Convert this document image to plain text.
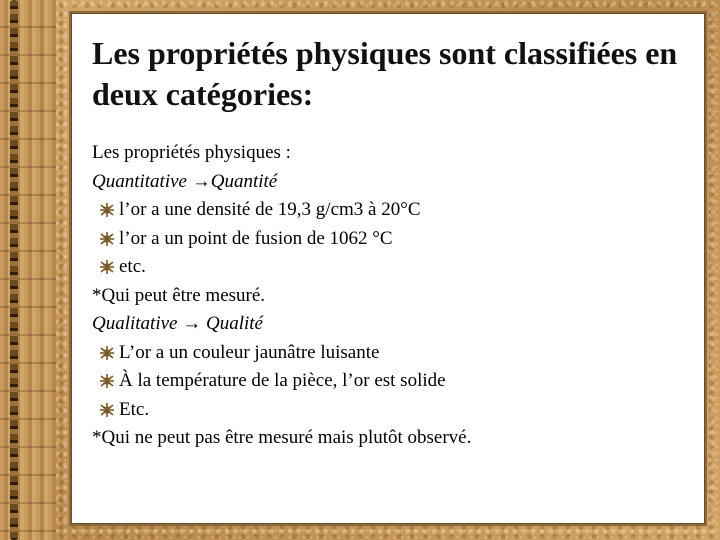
Les propriétés physiques sont classifiées en deux catégories:
Les propriétés physiques :
Quantitative →Quantité
l’or a une densité de 19,3 g/cm3 à 20°C
l’or a un point de fusion de 1062 °C
etc.
*Qui peut être mesuré.
Qualitative → Qualité
L’or a un couleur jaunâtre luisante
À la température de la pièce, l’or est solide
Etc.
*Qui ne peut pas être mesuré mais plutôt observé.
